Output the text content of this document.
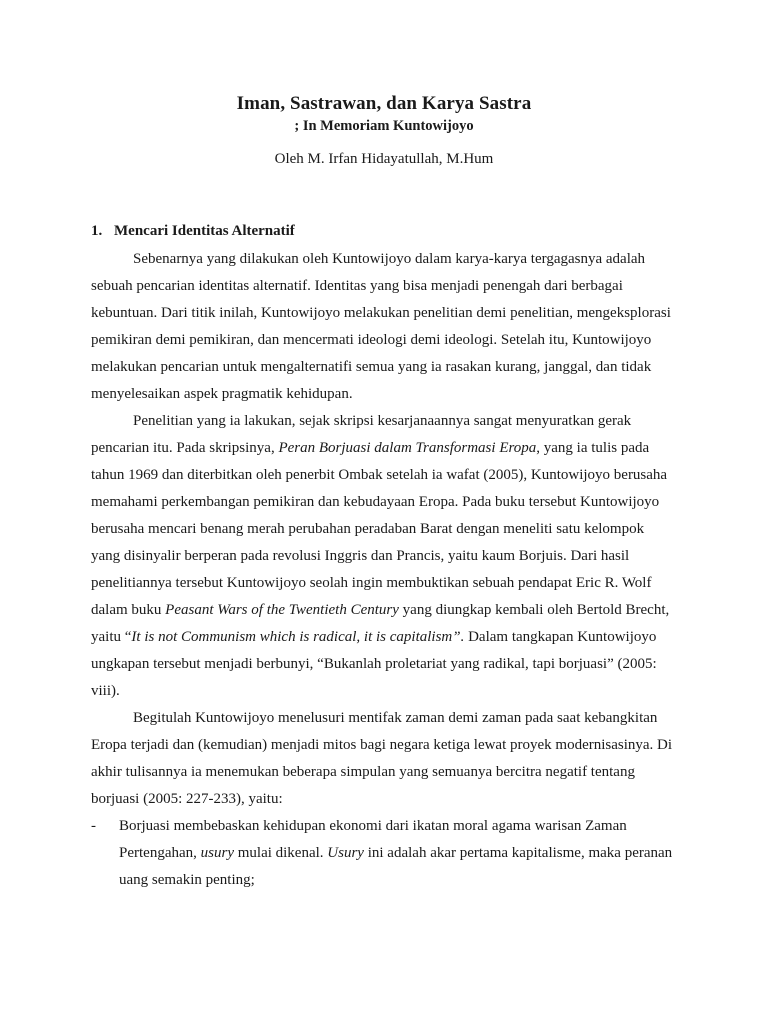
Iman, Sastrawan, dan Karya Sastra
; In Memoriam Kuntowijoyo
Oleh M. Irfan Hidayatullah, M.Hum
1. Mencari Identitas Alternatif
Sebenarnya yang dilakukan oleh Kuntowijoyo dalam karya-karya tergagasnya adalah
sebuah pencarian identitas alternatif. Identitas yang bisa menjadi penengah dari berbagai
kebuntuan. Dari titik inilah, Kuntowijoyo melakukan penelitian demi penelitian, mengeksplorasi
pemikiran demi pemikiran, dan mencermati ideologi demi ideologi. Setelah itu, Kuntowijoyo
melakukan pencarian untuk mengalternatifi semua yang ia rasakan kurang, janggal, dan tidak
menyelesaikan aspek pragmatik kehidupan.
Penelitian yang ia lakukan, sejak skripsi kesarjanaannya sangat menyuratkan gerak
pencarian itu. Pada skripsinya, Peran Borjuasi dalam Transformasi Eropa, yang ia tulis pada
tahun 1969 dan diterbitkan oleh penerbit Ombak setelah ia wafat (2005), Kuntowijoyo berusaha
memahami perkembangan pemikiran dan kebudayaan Eropa. Pada buku tersebut Kuntowijoyo
berusaha mencari benang merah perubahan peradaban Barat dengan meneliti satu kelompok
yang disinyalir berperan pada revolusi Inggris dan Prancis, yaitu kaum Borjuis. Dari hasil
penelitiannya tersebut Kuntowijoyo seolah ingin membuktikan sebuah pendapat Eric R. Wolf
dalam buku Peasant Wars of the Twentieth Century yang diungkap kembali oleh Bertold Brecht,
yaitu “It is not Communism which is radical, it is capitalism”. Dalam tangkapan Kuntowijoyo
ungkapan tersebut menjadi berbunyi, “Bukanlah proletariat yang radikal, tapi borjuasi” (2005:
viii).
Begitulah Kuntowijoyo menelusuri mentifak zaman demi zaman pada saat kebangkitan
Eropa terjadi dan (kemudian) menjadi mitos bagi negara ketiga lewat proyek modernisasinya. Di
akhir tulisannya ia menemukan beberapa simpulan yang semuanya bercitra negatif tentang
borjuasi (2005: 227-233), yaitu:
- Borjuasi membebaskan kehidupan ekonomi dari ikatan moral agama warisan Zaman
Pertengahan, usury mulai dikenal. Usury ini adalah akar pertama kapitalisme, maka peranan
uang semakin penting;
